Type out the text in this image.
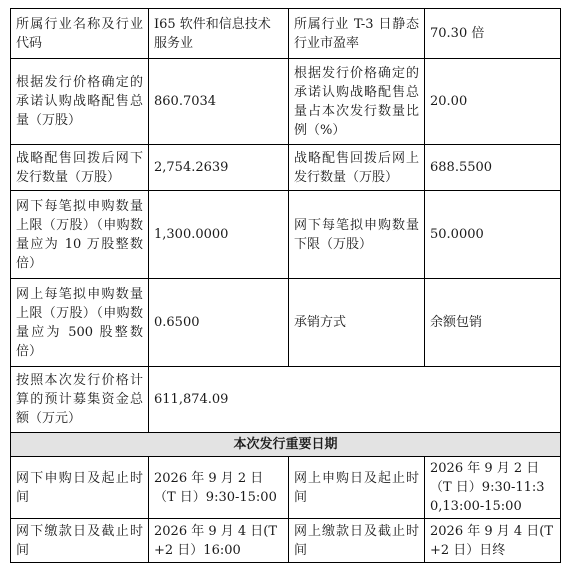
所属行业名称及行业代码	I65 软件和信息技术服务业	所属行业 T-3 日静态行业市盈率	70.30 倍
根据发行价格确定的承诺认购战略配售总量（万股）	860.7034	根据发行价格确定的承诺认购战略配售总量占本次发行数量比例（%）	20.00
战略配售回拨后网下发行数量（万股）	2,754.2639	战略配售回拨后网上发行数量（万股）	688.5500
网下每笔拟申购数量上限（万股）（申购数量应为 10 万股整数倍）	1,300.0000	网下每笔拟申购数量下限（万股）	50.0000
网上每笔拟申购数量上限（万股）（申购数量应为 500 股整数倍）	0.6500	承销方式	余额包销
按照本次发行价格计算的预计募集资金总额（万元）	611,874.09		
本次发行重要日期			
网下申购日及起止时间	2026 年 9 月 2 日（T 日）9:30-15:00	网上申购日及起止时间	2026 年 9 月 2 日（T 日）9:30-11:30,13:00-15:00
网下缴款日及截止时间	2026 年 9 月 4 日(T+2 日）16:00	网上缴款日及截止时间	2026 年 9 月 4 日(T+2 日）日终
